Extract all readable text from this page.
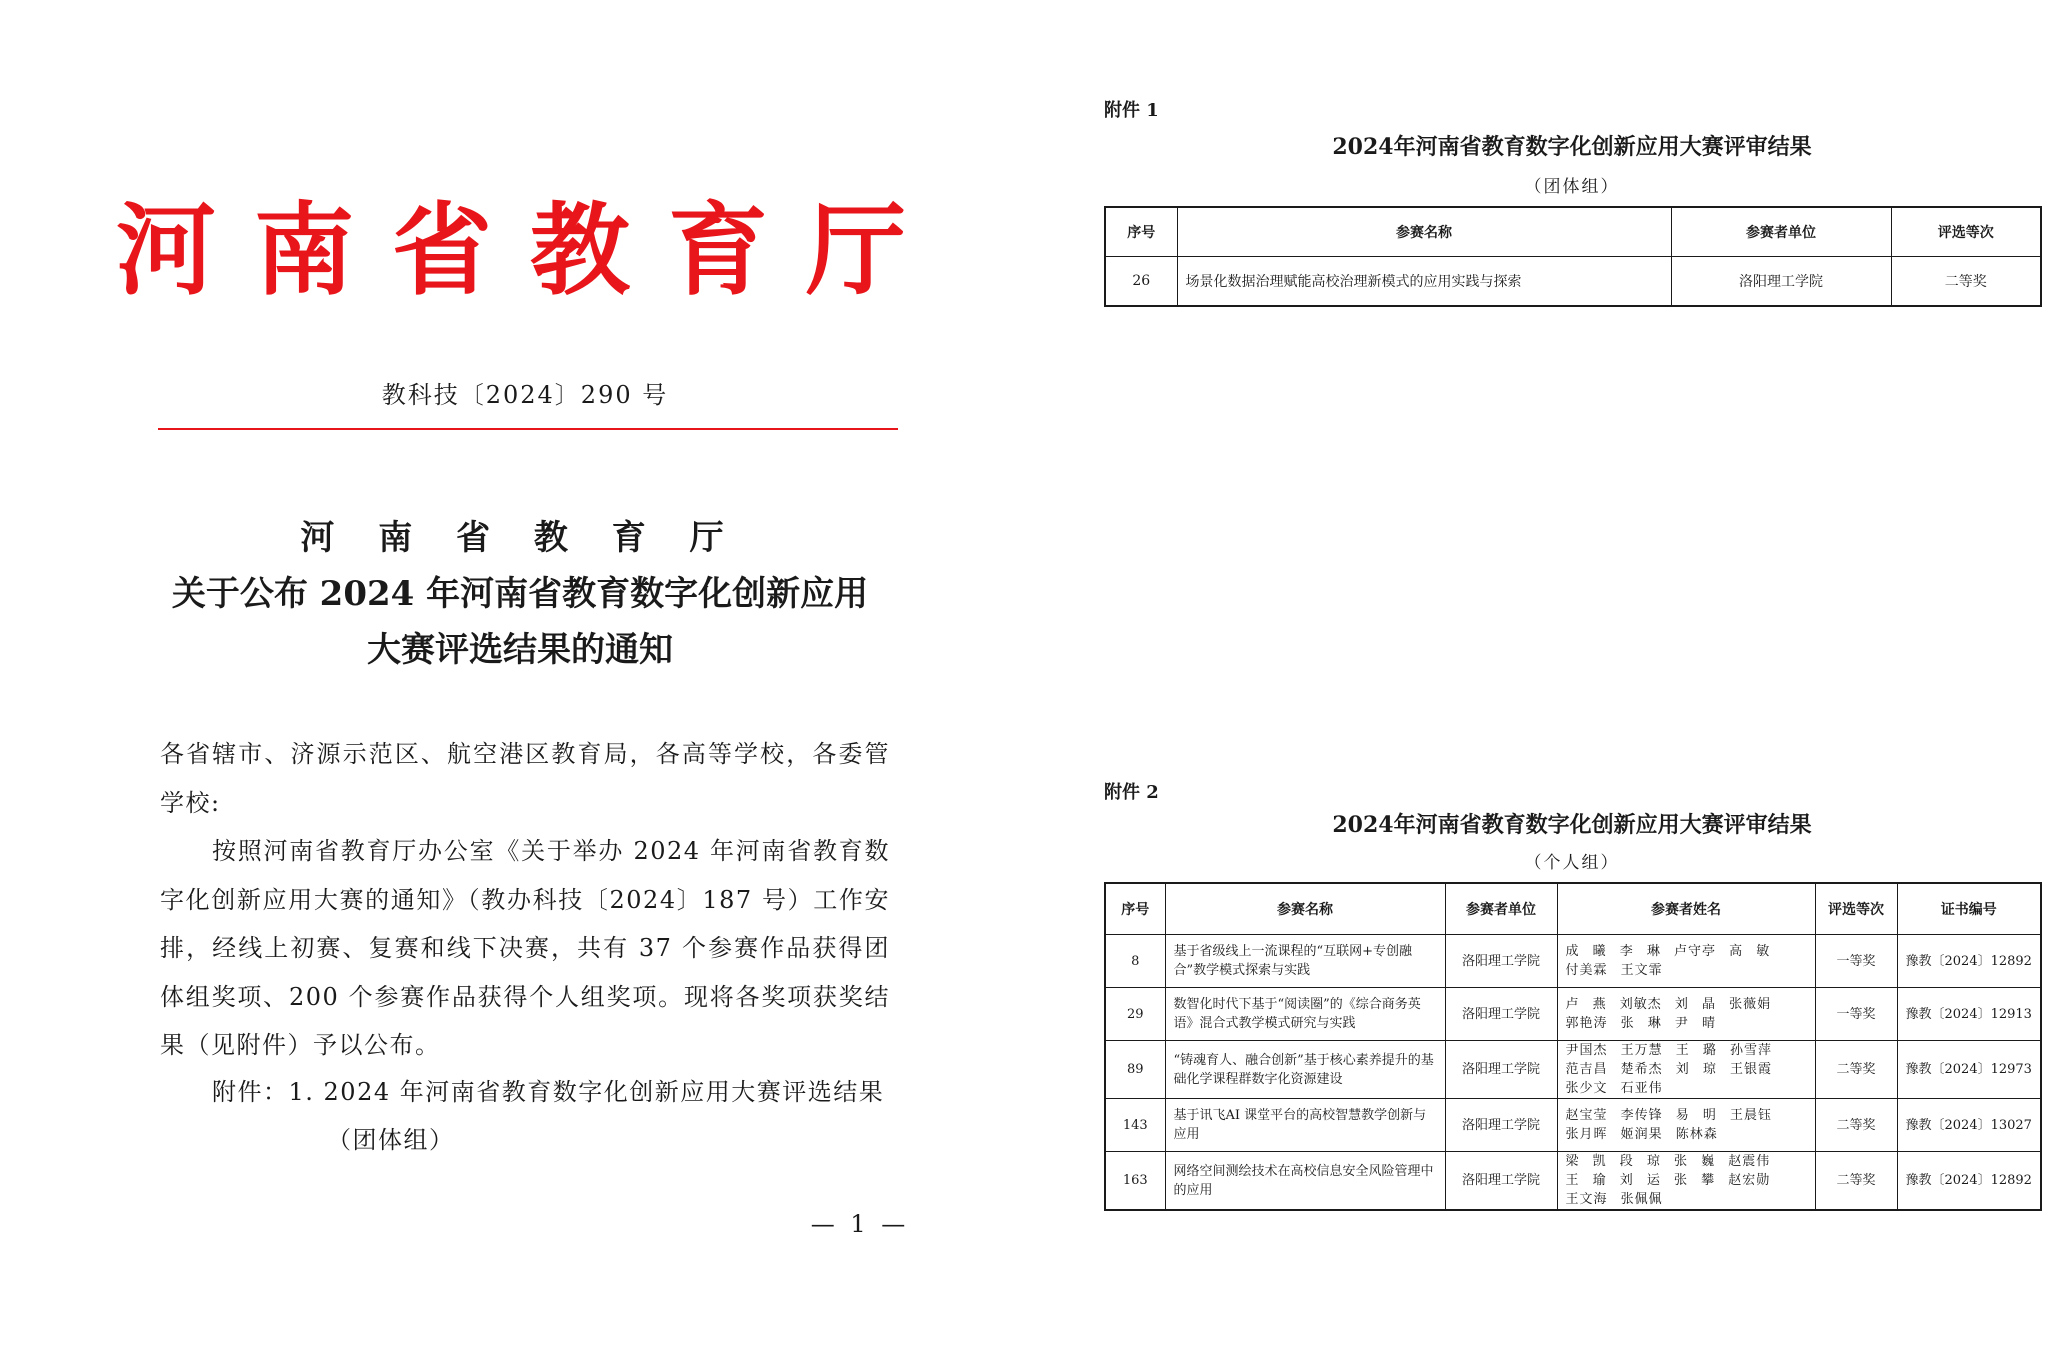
河南省教育厅
教科技〔2024〕290 号
河 南 省 教 育 厅
关于公布 2024 年河南省教育数字化创新应用
大赛评选结果的通知

各省辖市、济源示范区、航空港区教育局，各高等学校，各委管学校:

按照河南省教育厅办公室《关于举办 2024 年河南省教育数字化创新应用大赛的通知》（教办科技〔2024〕187 号）工作安排，经线上初赛、复赛和线下决赛，共有 37 个参赛作品获得团体组奖项、200 个参赛作品获得个人组奖项。现将各奖项获奖结果（见附件）予以公布。

附件：1. 2024 年河南省教育数字化创新应用大赛评选结果
（团体组）
— 1 —
附件 1
2024年河南省教育数字化创新应用大赛评审结果
（团体组）
序号	参赛名称	参赛者单位	评选等次
26	场景化数据治理赋能高校治理新模式的应用实践与探索	洛阳理工学院	二等奖
附件 2
2024年河南省教育数字化创新应用大赛评审结果
（个人组）
序号	参赛名称	参赛者单位	参赛者姓名	评选等次	证书编号
8	基于省级线上一流课程的“互联网+专创融合”教学模式探索与实践	洛阳理工学院	成 曦 李 琳 卢守亭 高 敏
付美霖 王文霏	一等奖	豫教〔2024〕12892
29	数智化时代下基于“阅读圈”的《综合商务英语》混合式教学模式研究与实践	洛阳理工学院	卢 燕 刘敏杰 刘 晶 张薇娟
郭艳涛 张 琳 尹 晴	一等奖	豫教〔2024〕12913
89	“铸魂育人、融合创新”基于核心素养提升的基础化学课程群数字化资源建设	洛阳理工学院	尹国杰 王万慧 王 璐 孙雪萍
范吉昌 楚希杰 刘 琼 王银霞
张少文 石亚伟	二等奖	豫教〔2024〕12973
143	基于讯飞AI 课堂平台的高校智慧教学创新与应用	洛阳理工学院	赵宝莹 李传锋 易 明 王晨钰
张月晖 姬润果 陈林森	二等奖	豫教〔2024〕13027
163	网络空间测绘技术在高校信息安全风险管理中的应用	洛阳理工学院	梁 凯 段 琼 张 巍 赵震伟
王 瑜 刘 运 张 攀 赵宏勋
王文海 张佩佩	二等奖	豫教〔2024〕12892
